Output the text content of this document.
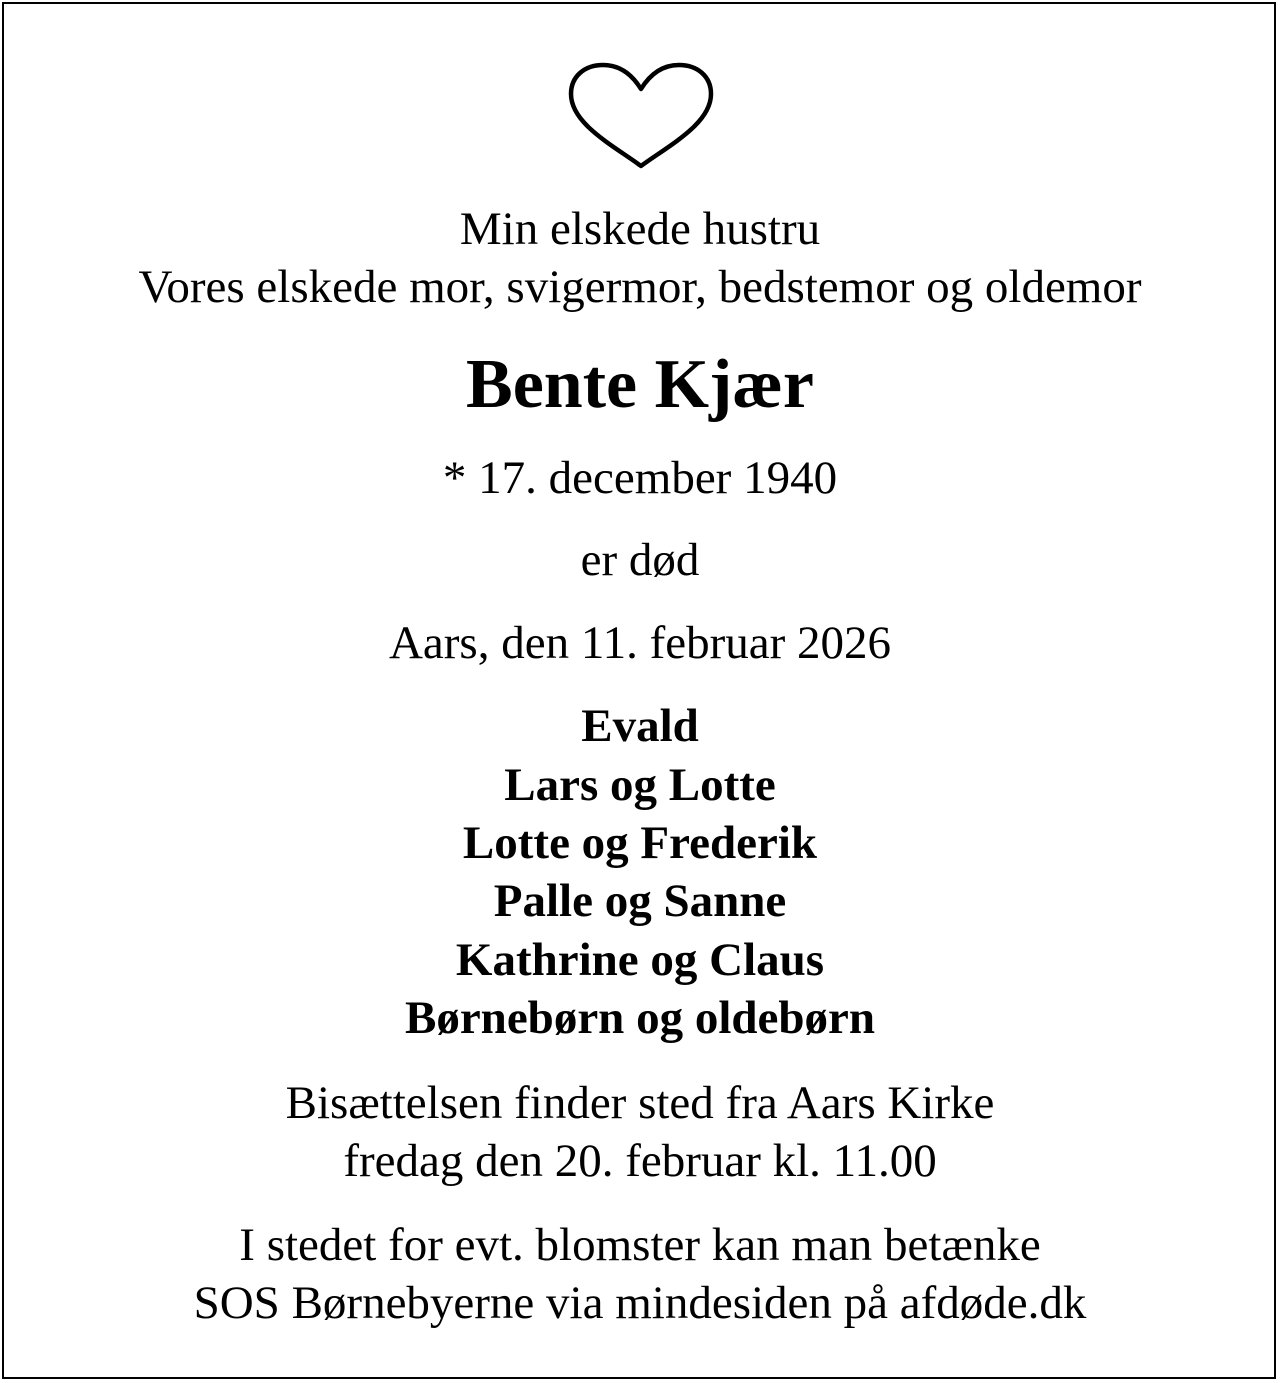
Min elskede hustru
Vores elskede mor, svigermor, bedstemor og oldemor
Bente Kjær
* 17. december 1940
er død
Aars, den 11. februar 2026
Evald
Lars og Lotte
Lotte og Frederik
Palle og Sanne
Kathrine og Claus
Børnebørn og oldebørn
Bisættelsen finder sted fra Aars Kirke
fredag den 20. februar kl. 11.00
I stedet for evt. blomster kan man betænke
SOS Børnebyerne via mindesiden på afdøde.dk
